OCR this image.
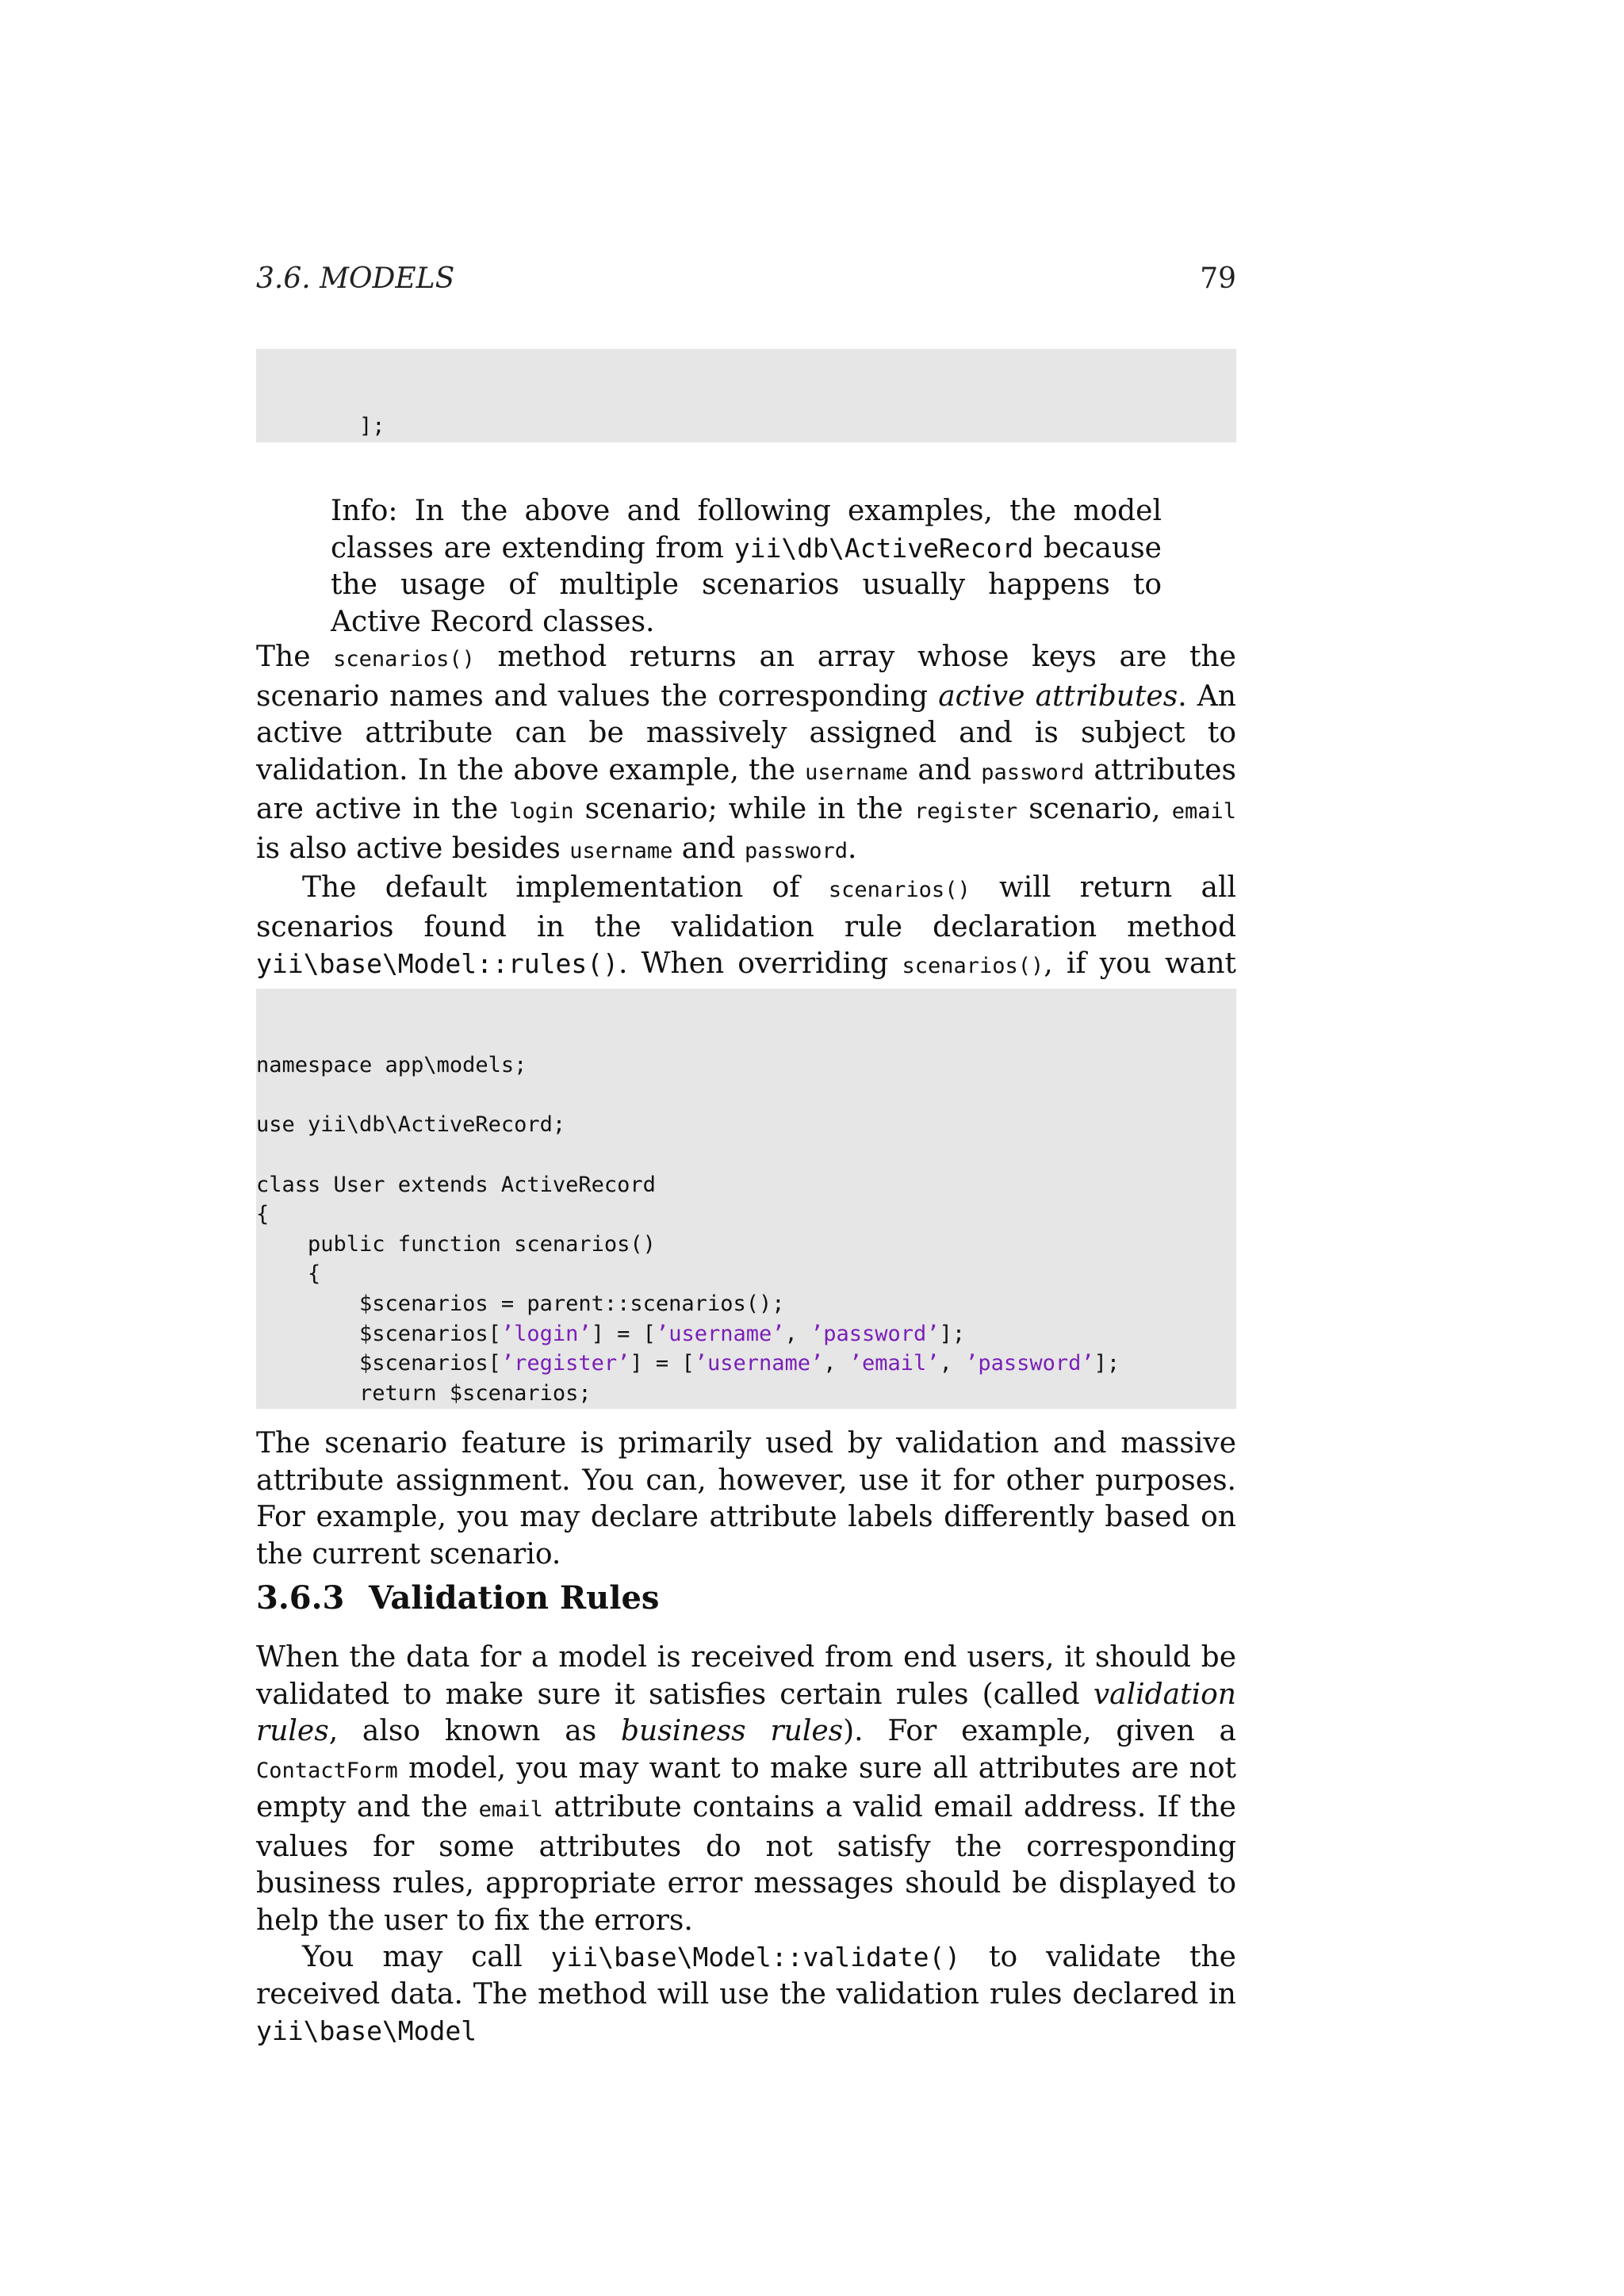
3.6. MODELS	79

];

Info: In the above and following examples, the model classes are extending from yii\db\ActiveRecord because the usage of multiple scenarios usually happens to Active Record classes.

The scenarios() method returns an array whose keys are the scenario names and values the corresponding active attributes. An active attribute can be massively assigned and is subject to validation. In the above example, the username and password attributes are active in the login scenario; while in the register scenario, email is also active besides username and password.

The default implementation of scenarios() will return all scenarios found in the validation rule declaration method yii\base\Model::rules(). When overriding scenarios(), if you want

namespace app\models;
use yii\db\ActiveRecord;
class User extends ActiveRecord
{
public function scenarios()
{
$scenarios = parent::scenarios();
$scenarios[’login’] = [’username’, ’password’];
$scenarios[’register’] = [’username’, ’email’, ’password’];
return $scenarios;

The scenario feature is primarily used by validation and massive attribute assignment. You can, however, use it for other purposes. For example, you may declare attribute labels differently based on the current scenario.

3.6.3 Validation Rules

When the data for a model is received from end users, it should be validated to make sure it satisfies certain rules (called validation rules, also known as business rules). For example, given a ContactForm model, you may want to make sure all attributes are not empty and the email attribute contains a valid email address. If the values for some attributes do not satisfy the corresponding business rules, appropriate error messages should be displayed to help the user to fix the errors.

You may call yii\base\Model::validate() to validate the received data. The method will use the validation rules declared in yii\base\Model
